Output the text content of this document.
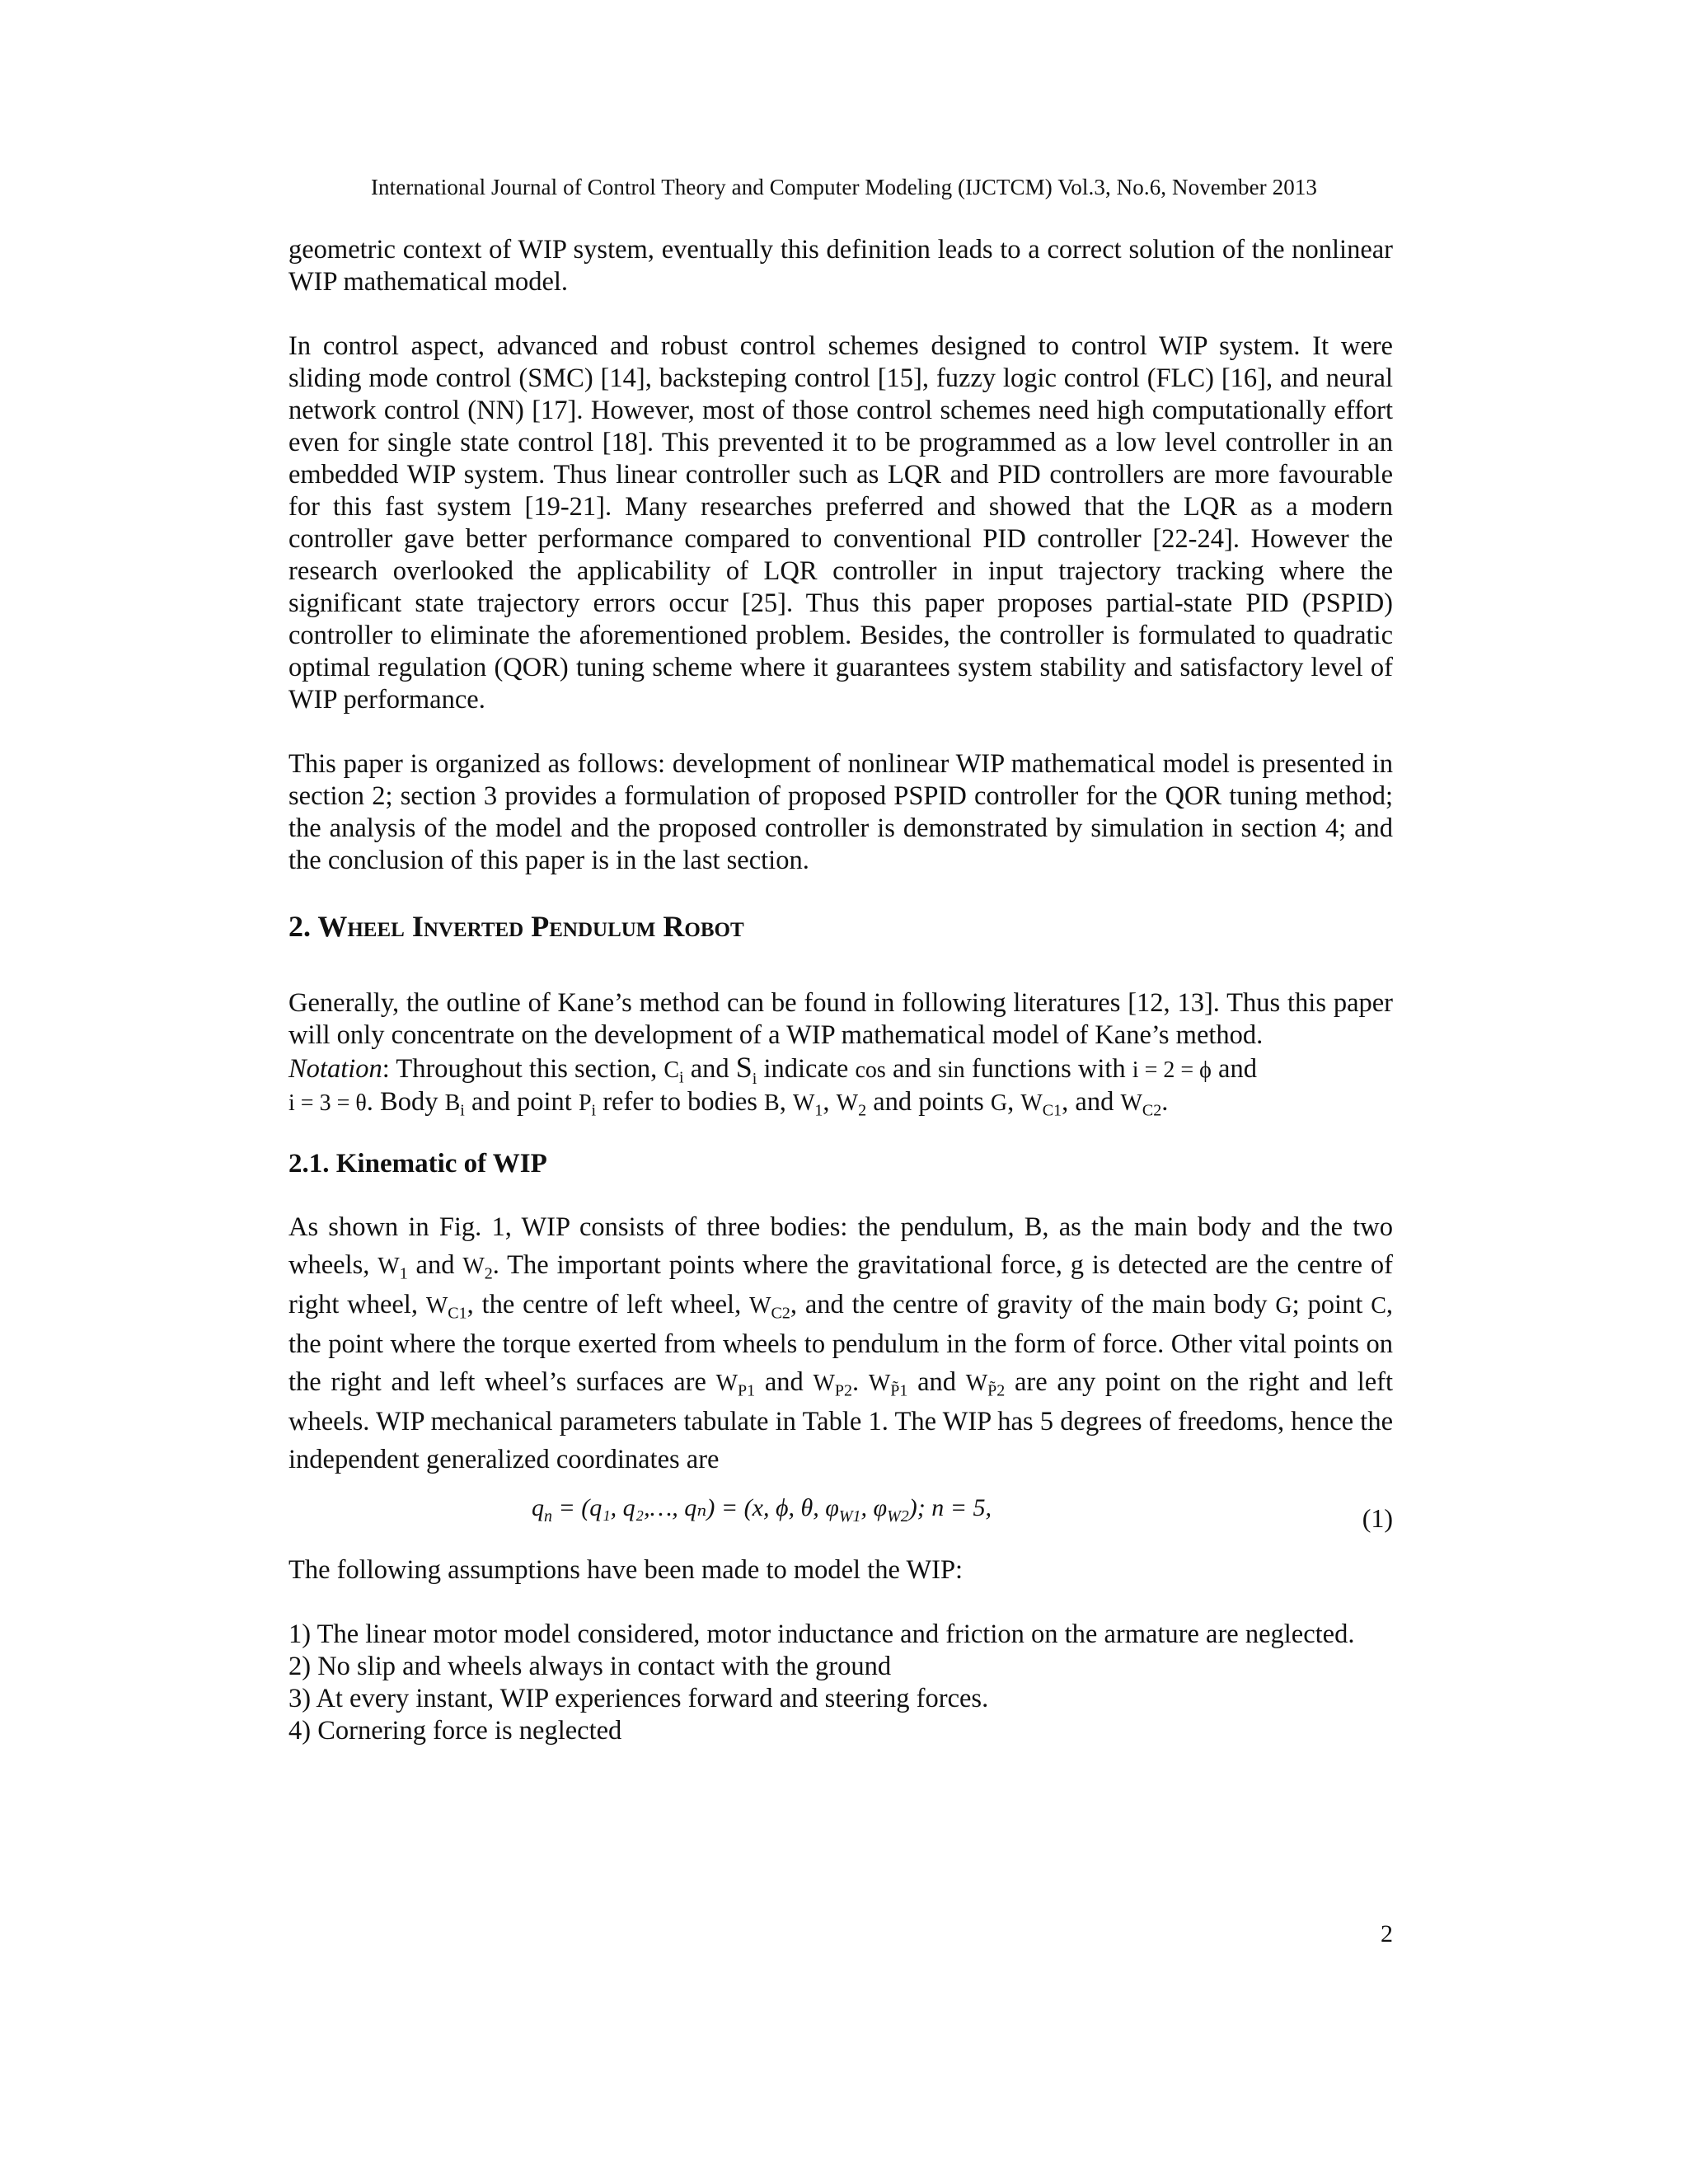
International Journal of Control Theory and Computer Modeling (IJCTCM) Vol.3, No.6, November 2013

geometric context of WIP system, eventually this definition leads to a correct solution of the nonlinear WIP mathematical model.

In control aspect, advanced and robust control schemes designed to control WIP system. It were sliding mode control (SMC) [14], backsteping control [15], fuzzy logic control (FLC) [16], and neural network control (NN) [17]. However, most of those control schemes need high computationally effort even for single state control [18]. This prevented it to be programmed as a low level controller in an embedded WIP system. Thus linear controller such as LQR and PID controllers are more favourable for this fast system [19-21]. Many researches preferred and showed that the LQR as a modern controller gave better performance compared to conventional PID controller [22-24]. However the research overlooked the applicability of LQR controller in input trajectory tracking where the significant state trajectory errors occur [25]. Thus this paper proposes partial-state PID (PSPID) controller to eliminate the aforementioned problem. Besides, the controller is formulated to quadratic optimal regulation (QOR) tuning scheme where it guarantees system stability and satisfactory level of WIP performance.

This paper is organized as follows: development of nonlinear WIP mathematical model is presented in section 2; section 3 provides a formulation of proposed PSPID controller for the QOR tuning method; the analysis of the model and the proposed controller is demonstrated by simulation in section 4; and the conclusion of this paper is in the last section.

2. Wheel Inverted Pendulum Robot

Generally, the outline of Kane’s method can be found in following literatures [12, 13]. Thus this paper will only concentrate on the development of a WIP mathematical model of Kane’s method.

Notation: Throughout this section, $C_i$ and $S_i$ indicate cos and sin functions with i = 2 = ϕ and
i = 3 = θ. Body $B_i$ and point $P_i$ refer to bodies B, $W_1$, $W_2$ and points G, $W_{C1}$, and $W_{C2}$.

2.1. Kinematic of WIP

As shown in Fig. 1, WIP consists of three bodies: the pendulum, B, as the main body and the two wheels, $W_1$ and $W_2$. The important points where the gravitational force, g is detected are the centre of right wheel, $W_{C1}$, the centre of left wheel, $W_{C2}$, and the centre of gravity of the main body G; point C, the point where the torque exerted from wheels to pendulum in the form of force. Other vital points on the right and left wheel’s surfaces are $W_{P1}$ and $W_{P2}$. $W_{P̃1}$ and $W_{P̃2}$ are any point on the right and left wheels. WIP mechanical parameters tabulate in Table 1. The WIP has 5 degrees of freedoms, hence the independent generalized coordinates are

$q_n = (q_1$, q₂,…, qₙ) = (x, ϕ, θ, $\varphi_{W1}$, $\varphi_{W2}$); n = 5,	(1)

The following assumptions have been made to model the WIP:

1) The linear motor model considered, motor inductance and friction on the armature are neglected.

2) No slip and wheels always in contact with the ground

3) At every instant, WIP experiences forward and steering forces.

4) Cornering force is neglected

2
